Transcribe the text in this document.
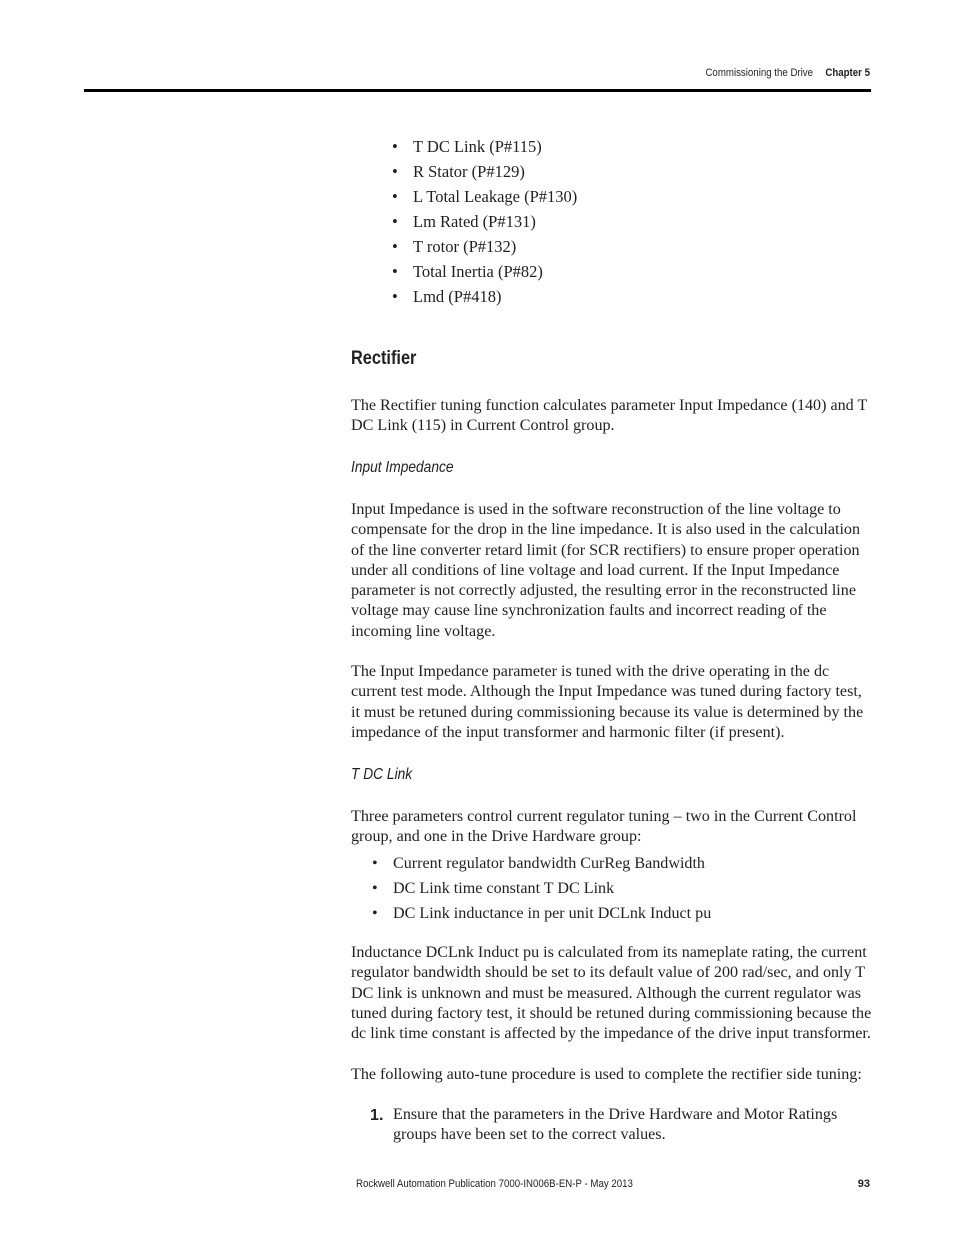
Commissioning the Drive Chapter 5
• T DC Link (P#115)
• R Stator (P#129)
• L Total Leakage (P#130)
• Lm Rated (P#131)
• T rotor (P#132)
• Total Inertia (P#82)
• Lmd (P#418)
Rectifier

The Rectifier tuning function calculates parameter Input Impedance (140) and T DC Link (115) in Current Control group.

Input Impedance

Input Impedance is used in the software reconstruction of the line voltage to compensate for the drop in the line impedance. It is also used in the calculation of the line converter retard limit (for SCR rectifiers) to ensure proper operation under all conditions of line voltage and load current. If the Input Impedance parameter is not correctly adjusted, the resulting error in the reconstructed line voltage may cause line synchronization faults and incorrect reading of the incoming line voltage.

The Input Impedance parameter is tuned with the drive operating in the dc current test mode. Although the Input Impedance was tuned during factory test, it must be retuned during commissioning because its value is determined by the impedance of the input transformer and harmonic filter (if present).

T DC Link

Three parameters control current regulator tuning – two in the Current Control group, and one in the Drive Hardware group:

• Current regulator bandwidth CurReg Bandwidth
• DC Link time constant T DC Link
• DC Link inductance in per unit DCLnk Induct pu

Inductance DCLnk Induct pu is calculated from its nameplate rating, the current regulator bandwidth should be set to its default value of 200 rad/sec, and only T DC link is unknown and must be measured. Although the current regulator was tuned during factory test, it should be retuned during commissioning because the dc link time constant is affected by the impedance of the drive input transformer.

The following auto-tune procedure is used to complete the rectifier side tuning:

1. Ensure that the parameters in the Drive Hardware and Motor Ratings groups have been set to the correct values.
Rockwell Automation Publication 7000-IN006B-EN-P - May 2013	93
